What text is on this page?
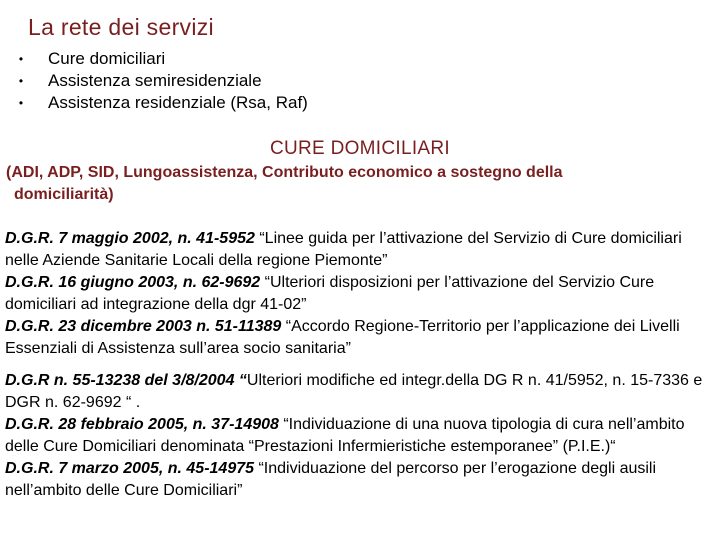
La rete dei servizi
• Cure domiciliari
• Assistenza semiresidenziale
• Assistenza residenziale (Rsa, Raf)
CURE DOMICILIARI
(ADI, ADP, SID, Lungoassistenza, Contributo economico a sostegno della
domiciliarità)

D.G.R. 7 maggio 2002, n. 41-5952 “Linee guida per l’attivazione del Servizio di Cure domiciliari nelle Aziende Sanitarie Locali della regione Piemonte”

D.G.R. 16 giugno 2003, n. 62-9692 “Ulteriori disposizioni per l’attivazione del Servizio Cure domiciliari ad integrazione della dgr 41-02”

D.G.R. 23 dicembre 2003 n. 51-11389 “Accordo Regione-Territorio per l’applicazione dei Livelli Essenziali di Assistenza sull’area socio sanitaria”

D.G.R n. 55-13238 del 3/8/2004 “Ulteriori modifiche ed integr.della DG R n. 41/5952, n. 15-7336 e DGR n. 62-9692 “ .

D.G.R. 28 febbraio 2005, n. 37-14908 “Individuazione di una nuova tipologia di cura nell’ambito delle Cure Domiciliari denominata “Prestazioni Infermieristiche estemporanee” (P.I.E.)“

D.G.R. 7 marzo 2005, n. 45-14975 “Individuazione del percorso per l’erogazione degli ausili nell’ambito delle Cure Domiciliari”
